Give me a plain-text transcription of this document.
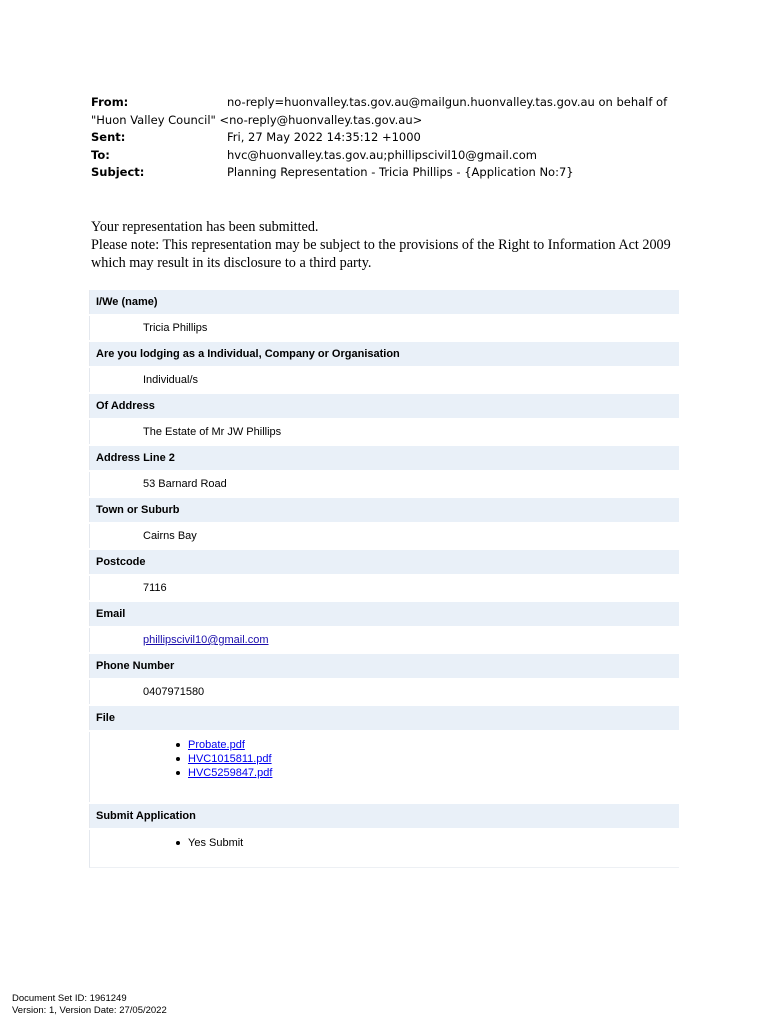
From:	no-reply=huonvalley.tas.gov.au@mailgun.huonvalley.tas.gov.au on behalf of
"Huon Valley Council" <no-reply@huonvalley.tas.gov.au>
Sent:	Fri, 27 May 2022 14:35:12 +1000
To:	hvc@huonvalley.tas.gov.au;phillipscivil10@gmail.com
Subject:	Planning Representation - Tricia Phillips - {Application No:7}

Your representation has been submitted.

Please note: This representation may be subject to the provisions of the Right to Information Act 2009 which may result in its disclosure to a third party.

I/We (name)
Tricia Phillips
Are you lodging as a Individual, Company or Organisation
Individual/s
Of Address
The Estate of Mr JW Phillips
Address Line 2
53 Barnard Road
Town or Suburb
Cairns Bay
Postcode
7116
Email
phillipscivil10@gmail.com
Phone Number
0407971580
File
Probate.pdf
HVC1015811.pdf
HVC5259847.pdf
Submit Application
Yes Submit
Document Set ID: 1961249
Version: 1, Version Date: 27/05/2022
